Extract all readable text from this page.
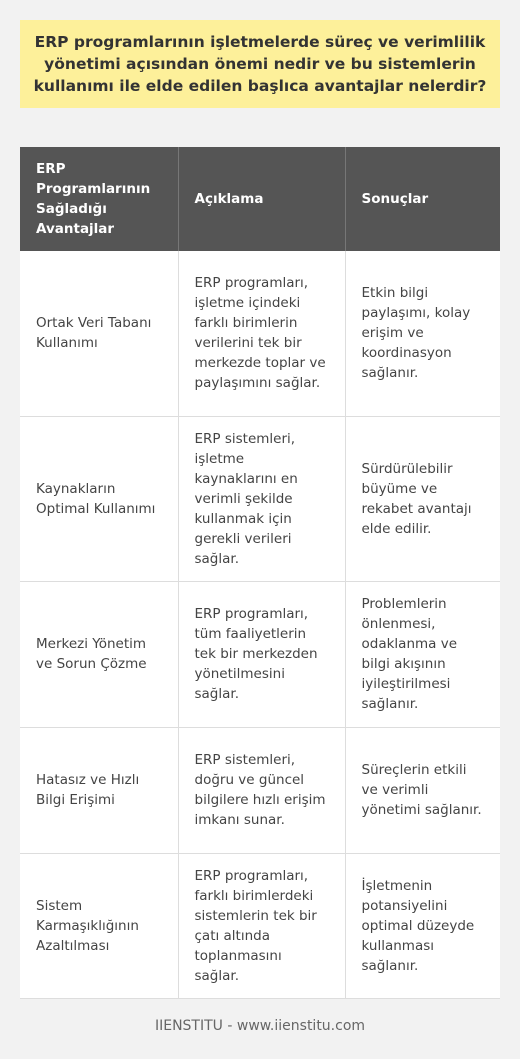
ERP programlarının işletmelerde süreç ve verimlilik yönetimi açısından önemi nedir ve bu sistemlerin kullanımı ile elde edilen başlıca avantajlar nelerdir?
ERP Programlarının Sağladığı Avantajlar	Açıklama	Sonuçlar
Ortak Veri Tabanı Kullanımı	ERP programları, işletme içindeki farklı birimlerin verilerini tek bir merkezde toplar ve paylaşımını sağlar.	Etkin bilgi paylaşımı, kolay erişim ve koordinasyon sağlanır.
Kaynakların Optimal Kullanımı	ERP sistemleri, işletme kaynaklarını en verimli şekilde kullanmak için gerekli verileri sağlar.	Sürdürülebilir büyüme ve rekabet avantajı elde edilir.
Merkezi Yönetim ve Sorun Çözme	ERP programları, tüm faaliyetlerin tek bir merkezden yönetilmesini sağlar.	Problemlerin önlenmesi, odaklanma ve bilgi akışının iyileştirilmesi sağlanır.
Hatasız ve Hızlı Bilgi Erişimi	ERP sistemleri, doğru ve güncel bilgilere hızlı erişim imkanı sunar.	Süreçlerin etkili ve verimli yönetimi sağlanır.
Sistem Karmaşıklığının Azaltılması	ERP programları, farklı birimlerdeki sistemlerin tek bir çatı altında toplanmasını sağlar.	İşletmenin potansiyelini optimal düzeyde kullanması sağlanır.
IIENSTITU - www.iienstitu.com
